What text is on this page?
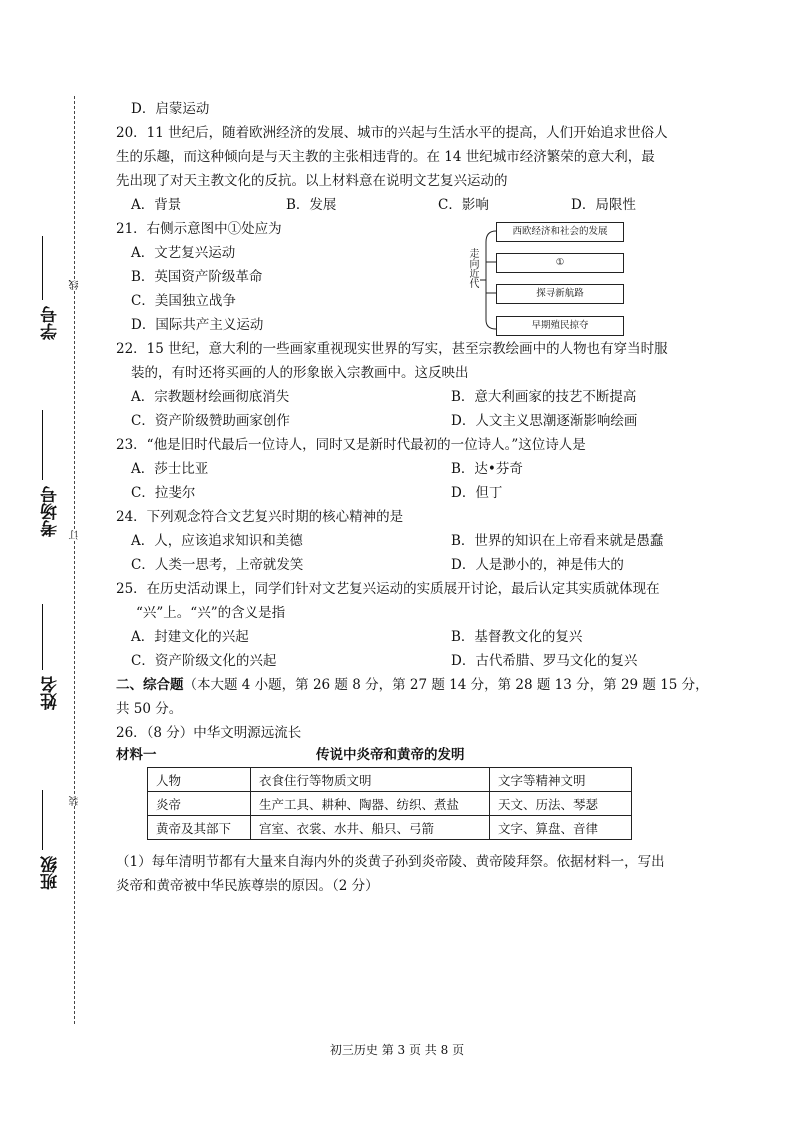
线
订
装
学号
考场号
姓名
班级
D．启蒙运动
20．11 世纪后，随着欧洲经济的发展、城市的兴起与生活水平的提高，人们开始追求世俗人
生的乐趣，而这种倾向是与天主教的主张相违背的。在 14 世纪城市经济繁荣的意大利，最
先出现了对天主教文化的反抗。以上材料意在说明文艺复兴运动的
A．背景	B．发展	C．影响	D．局限性
21．右侧示意图中①处应为
A．文艺复兴运动
B．英国资产阶级革命
C．美国独立战争
D．国际共产主义运动
走向近代
西欧经济和社会的发展
①
探寻新航路
早期殖民掠夺
22．15 世纪，意大利的一些画家重视现实世界的写实，甚至宗教绘画中的人物也有穿当时服
装的，有时还将买画的人的形象嵌入宗教画中。这反映出
A．宗教题材绘画彻底消失	B．意大利画家的技艺不断提高
C．资产阶级赞助画家创作	D．人文主义思潮逐渐影响绘画
23．“他是旧时代最后一位诗人，同时又是新时代最初的一位诗人。”这位诗人是
A．莎士比亚	B．达•芬奇
C．拉斐尔	D．但丁
24．下列观念符合文艺复兴时期的核心精神的是
A．人，应该追求知识和美德	B．世界的知识在上帝看来就是愚蠢
C．人类一思考，上帝就发笑	D．人是渺小的，神是伟大的
25．在历史活动课上，同学们针对文艺复兴运动的实质展开讨论，最后认定其实质就体现在
“兴”上。“兴”的含义是指
A．封建文化的兴起	B．基督教文化的复兴
C．资产阶级文化的兴起	D．古代希腊、罗马文化的复兴
二、综合题（本大题 4 小题，第 26 题 8 分，第 27 题 14 分，第 28 题 13 分，第 29 题 15 分，
共 50 分。
26．（8 分）中华文明源远流长
材料一	传说中炎帝和黄帝的发明
人物	衣食住行等物质文明	文字等精神文明
炎帝	生产工具、耕种、陶器、纺织、煮盐	天文、历法、琴瑟
黄帝及其部下	宫室、衣裳、水井、船只、弓箭	文字、算盘、音律
（1）每年清明节都有大量来自海内外的炎黄子孙到炎帝陵、黄帝陵拜祭。依据材料一，写出
炎帝和黄帝被中华民族尊崇的原因。（2 分）
初三历史 第 3 页 共 8 页
